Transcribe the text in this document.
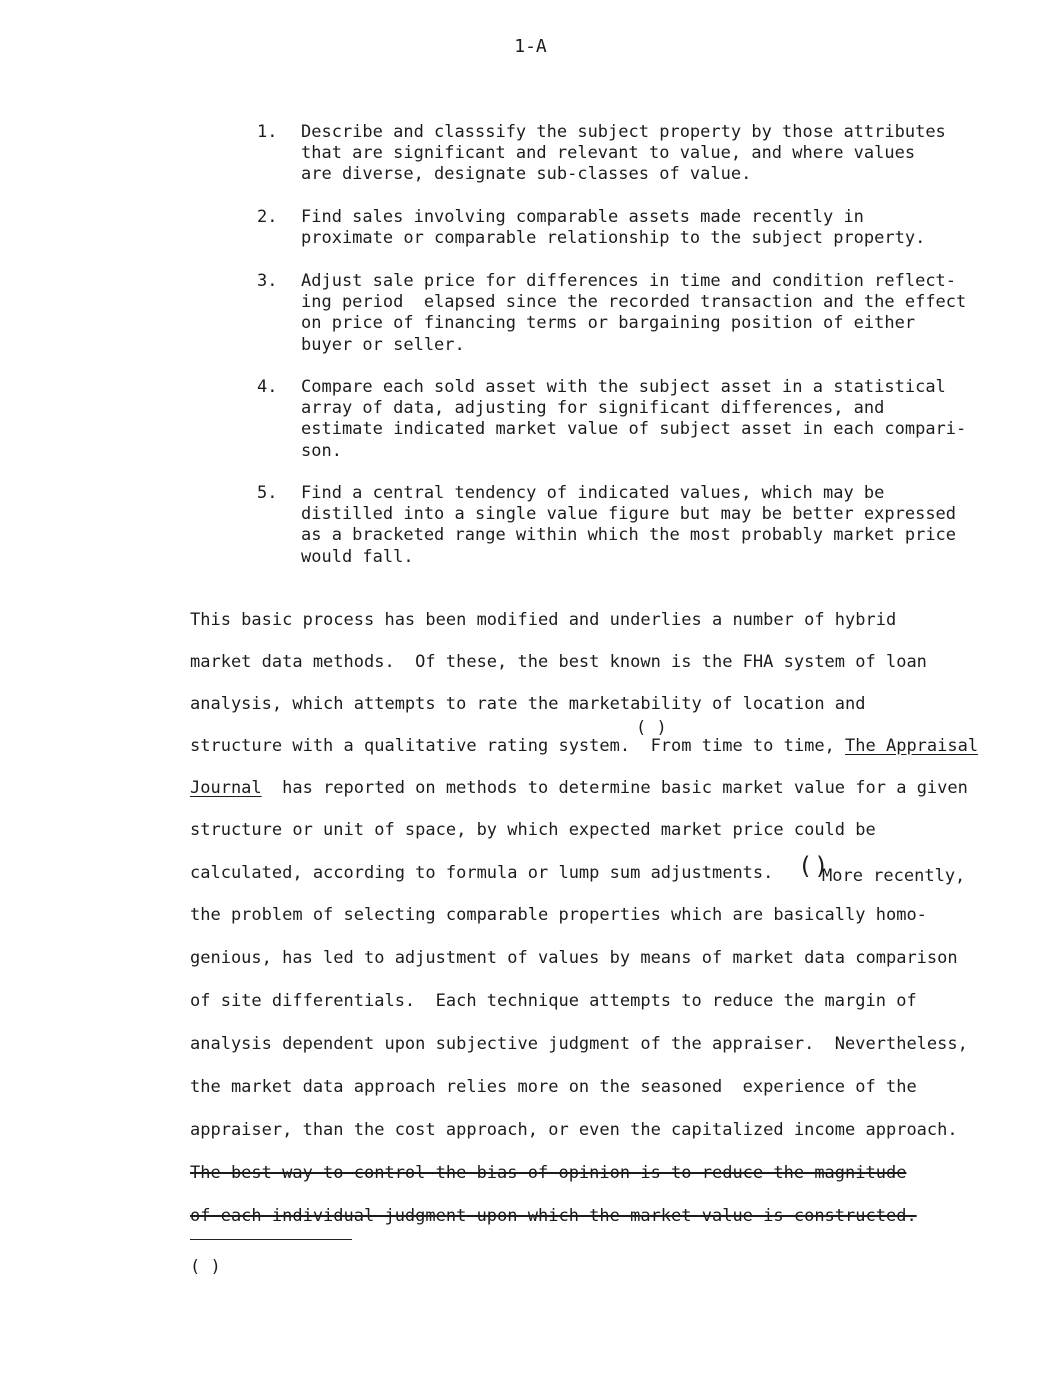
1-A
1.	Describe and classsify the subject property by those attributes
that are significant and relevant to value, and where values
are diverse, designate sub-classes of value.
2.	Find sales involving comparable assets made recently in
proximate or comparable relationship to the subject property.
3.	Adjust sale price for differences in time and condition reflect-
ing period  elapsed since the recorded transaction and the effect
on price of financing terms or bargaining position of either
buyer or seller.
4.	Compare each sold asset with the subject asset in a statistical
array of data, adjusting for significant differences, and
estimate indicated market value of subject asset in each compari-
son.
5.	Find a central tendency of indicated values, which may be
distilled into a single value figure but may be better expressed
as a bracketed range within which the most probably market price
would fall.
This basic process has been modified and underlies a number of hybrid
market data methods.  Of these, the best known is the FHA system of loan
analysis, which attempts to rate the marketability of location and
( )
structure with a qualitative rating system.  From time to time, The Appraisal
Journal  has reported on methods to determine basic market value for a given
structure or unit of space, by which expected market price could be
calculated, according to formula or lump sum adjustments.	( )
More recently,
the problem of selecting comparable properties which are basically homo-
genious, has led to adjustment of values by means of market data comparison
of site differentials.  Each technique attempts to reduce the margin of
analysis dependent upon subjective judgment of the appraiser.  Nevertheless,
the market data approach relies more on the seasoned  experience of the
appraiser, than the cost approach, or even the capitalized income approach.
The best way to control the bias of opinion is to reduce the magnitude
of each individual judgment upon which the market value is constructed.
( )
